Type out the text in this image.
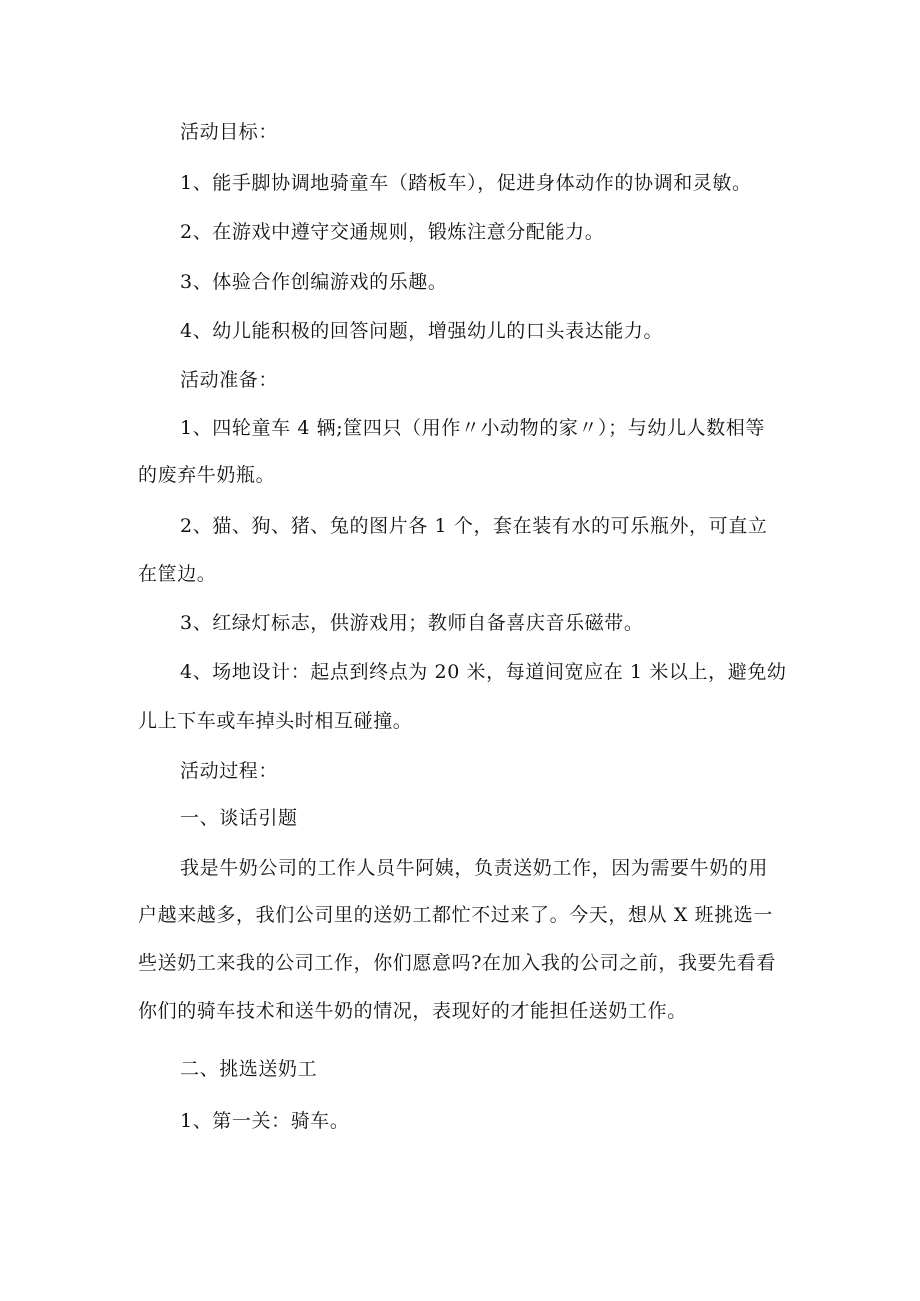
活动目标：
1、能手脚协调地骑童车（踏板车），促进身体动作的协调和灵敏。
2、在游戏中遵守交通规则，锻炼注意分配能力。
3、体验合作创编游戏的乐趣。
4、幼儿能积极的回答问题，增强幼儿的口头表达能力。
活动准备：
1、四轮童车 4 辆;筐四只（用作〃小动物的家〃）；与幼儿人数相等
的废弃牛奶瓶。
2、猫、狗、猪、兔的图片各 1 个，套在装有水的可乐瓶外，可直立
在筐边。
3、红绿灯标志，供游戏用；教师自备喜庆音乐磁带。
4、场地设计：起点到终点为 20 米，每道间宽应在 1 米以上，避免幼
儿上下车或车掉头时相互碰撞。
活动过程：
一、谈话引题
我是牛奶公司的工作人员牛阿姨，负责送奶工作，因为需要牛奶的用
户越来越多，我们公司里的送奶工都忙不过来了。今天，想从 X 班挑选一
些送奶工来我的公司工作，你们愿意吗?在加入我的公司之前，我要先看看
你们的骑车技术和送牛奶的情况，表现好的才能担任送奶工作。
二、挑选送奶工
1、第一关：骑车。
